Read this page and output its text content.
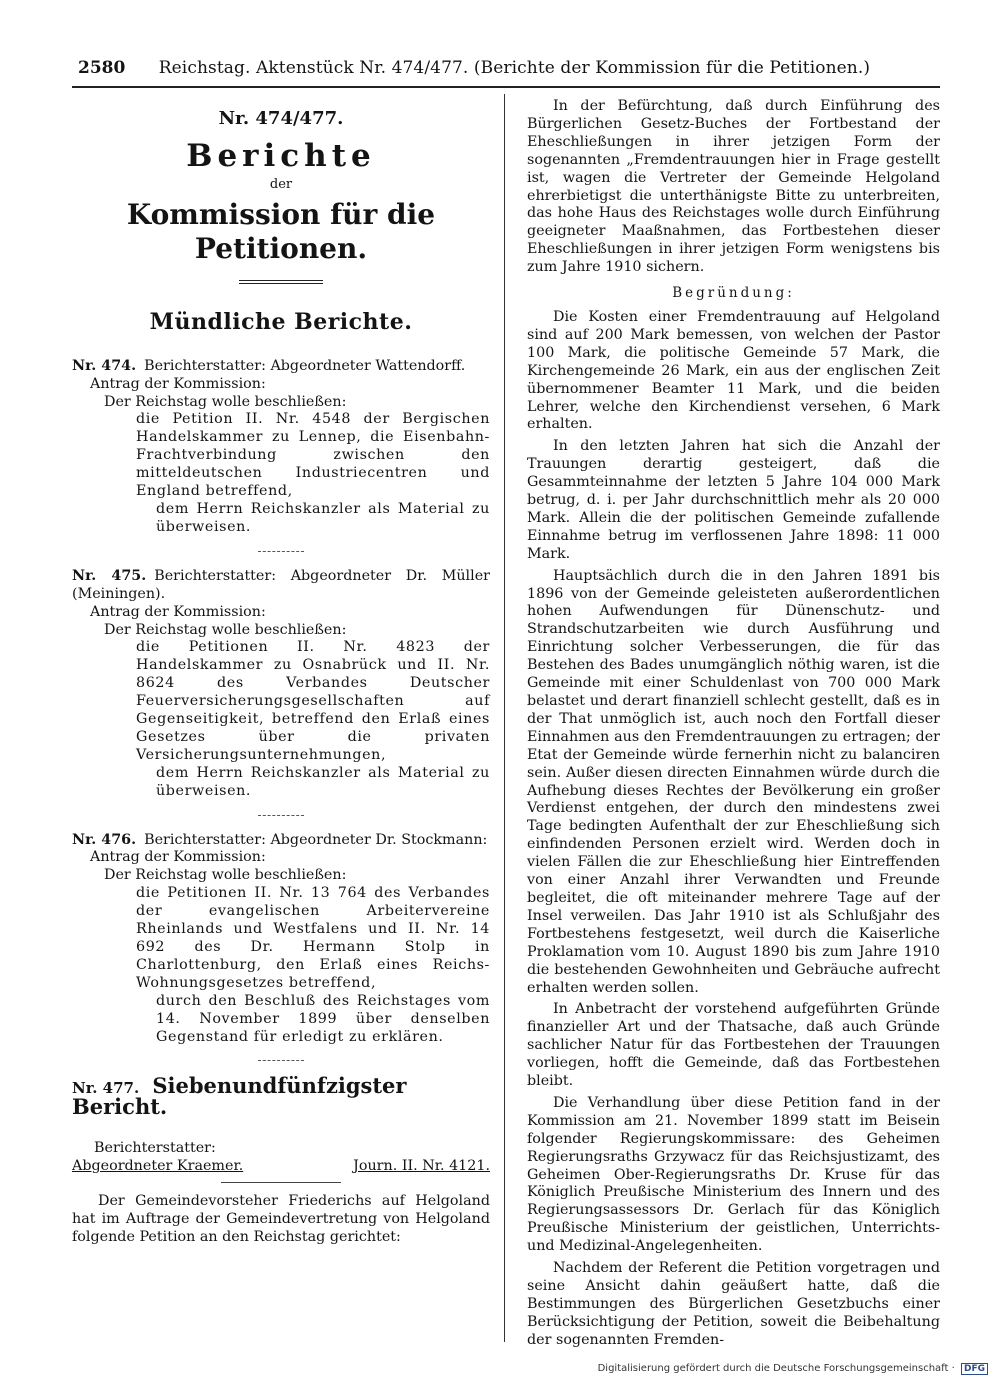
2580 Reichstag. Aktenstück Nr. 474/477. (Berichte der Kommission für die Petitionen.)
Nr. 474/477.
Berichte
der
Kommission für die Petitionen.
Mündliche Berichte.
Nr. 474. Berichterstatter: Abgeordneter Wattendorff.
Antrag der Kommission:
Der Reichstag wolle beschließen:
die Petition II. Nr. 4548 der Bergischen Handelskammer zu Lennep, die Eisenbahn-Frachtverbindung zwischen den mitteldeutschen Industriecentren und England betreffend,
dem Herrn Reichskanzler als Material zu überweisen.
Nr. 475. Berichterstatter: Abgeordneter Dr. Müller (Meiningen).
Antrag der Kommission:
Der Reichstag wolle beschließen:
die Petitionen II. Nr. 4823 der Handelskammer zu Osnabrück und II. Nr. 8624 des Verbandes Deutscher Feuerversicherungsgesellschaften auf Gegenseitigkeit, betreffend den Erlaß eines Gesetzes über die privaten Versicherungsunternehmungen,
dem Herrn Reichskanzler als Material zu überweisen.
Nr. 476. Berichterstatter: Abgeordneter Dr. Stockmann:
Antrag der Kommission:
Der Reichstag wolle beschließen:
die Petitionen II. Nr. 13 764 des Verbandes der evangelischen Arbeitervereine Rheinlands und Westfalens und II. Nr. 14 692 des Dr. Hermann Stolp in Charlottenburg, den Erlaß eines Reichs-Wohnungsgesetzes betreffend,
durch den Beschluß des Reichstages vom 14. November 1899 über denselben Gegenstand für erledigt zu erklären.
Nr. 477. Siebenundfünfzigster Bericht.
Berichterstatter:
Abgeordneter Kraemer.	Journ. II. Nr. 4121.

Der Gemeindevorsteher Friederichs auf Helgoland hat im Auftrage der Gemeindevertretung von Helgoland folgende Petition an den Reichstag gerichtet:

In der Befürchtung, daß durch Einführung des Bürgerlichen Gesetz-Buches der Fortbestand der Eheschließungen in ihrer jetzigen Form der sogenannten „Fremdentrauungen hier in Frage gestellt ist, wagen die Vertreter der Gemeinde Helgoland ehrerbietigst die unterthänigste Bitte zu unterbreiten, das hohe Haus des Reichstages wolle durch Einführung geeigneter Maaßnahmen, das Fortbestehen dieser Eheschließungen in ihrer jetzigen Form wenigstens bis zum Jahre 1910 sichern.

Begründung:

Die Kosten einer Fremdentrauung auf Helgoland sind auf 200 Mark bemessen, von welchen der Pastor 100 Mark, die politische Gemeinde 57 Mark, die Kirchengemeinde 26 Mark, ein aus der englischen Zeit übernommener Beamter 11 Mark, und die beiden Lehrer, welche den Kirchendienst versehen, 6 Mark erhalten.

In den letzten Jahren hat sich die Anzahl der Trauungen derartig gesteigert, daß die Gesammteinnahme der letzten 5 Jahre 104 000 Mark betrug, d. i. per Jahr durchschnittlich mehr als 20 000 Mark. Allein die der politischen Gemeinde zufallende Einnahme betrug im verflossenen Jahre 1898: 11 000 Mark.

Hauptsächlich durch die in den Jahren 1891 bis 1896 von der Gemeinde geleisteten außerordentlichen hohen Aufwendungen für Dünenschutz- und Strandschutzarbeiten wie durch Ausführung und Einrichtung solcher Verbesserungen, die für das Bestehen des Bades unumgänglich nöthig waren, ist die Gemeinde mit einer Schuldenlast von 700 000 Mark belastet und derart finanziell schlecht gestellt, daß es in der That unmöglich ist, auch noch den Fortfall dieser Einnahmen aus den Fremdentrauungen zu ertragen; der Etat der Gemeinde würde fernerhin nicht zu balanciren sein. Außer diesen directen Einnahmen würde durch die Aufhebung dieses Rechtes der Bevölkerung ein großer Verdienst entgehen, der durch den mindestens zwei Tage bedingten Aufenthalt der zur Eheschließung sich einfindenden Personen erzielt wird. Werden doch in vielen Fällen die zur Eheschließung hier Eintreffenden von einer Anzahl ihrer Verwandten und Freunde begleitet, die oft miteinander mehrere Tage auf der Insel verweilen. Das Jahr 1910 ist als Schlußjahr des Fortbestehens festgesetzt, weil durch die Kaiserliche Proklamation vom 10. August 1890 bis zum Jahre 1910 die bestehenden Gewohnheiten und Gebräuche aufrecht erhalten werden sollen.

In Anbetracht der vorstehend aufgeführten Gründe finanzieller Art und der Thatsache, daß auch Gründe sachlicher Natur für das Fortbestehen der Trauungen vorliegen, hofft die Gemeinde, daß das Fortbestehen bleibt.

Die Verhandlung über diese Petition fand in der Kommission am 21. November 1899 statt im Beisein folgender Regierungskommissare: des Geheimen Regierungsraths Grzywacz für das Reichsjustizamt, des Geheimen Ober-Regierungsraths Dr. Kruse für das Königlich Preußische Ministerium des Innern und des Regierungsassessors Dr. Gerlach für das Königlich Preußische Ministerium der geistlichen, Unterrichts- und Medizinal-Angelegenheiten.

Nachdem der Referent die Petition vorgetragen und seine Ansicht dahin geäußert hatte, daß die Bestimmungen des Bürgerlichen Gesetzbuchs einer Berücksichtigung der Petition, soweit die Beibehaltung der sogenannten Fremden-

Digitalisierung gefördert durch die Deutsche Forschungsgemeinschaft · DFG
